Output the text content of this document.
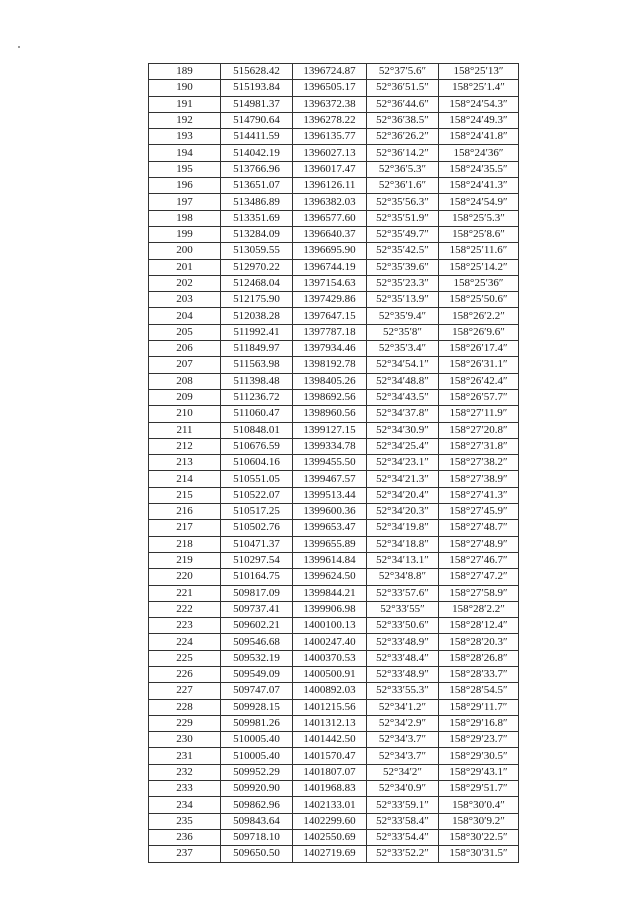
189	515628.42	1396724.87	52°37′5.6″	158°25′13″
190	515193.84	1396505.17	52°36′51.5″	158°25′1.4″
191	514981.37	1396372.38	52°36′44.6″	158°24′54.3″
192	514790.64	1396278.22	52°36′38.5″	158°24′49.3″
193	514411.59	1396135.77	52°36′26.2″	158°24′41.8″
194	514042.19	1396027.13	52°36′14.2″	158°24′36″
195	513766.96	1396017.47	52°36′5.3″	158°24′35.5″
196	513651.07	1396126.11	52°36′1.6″	158°24′41.3″
197	513486.89	1396382.03	52°35′56.3″	158°24′54.9″
198	513351.69	1396577.60	52°35′51.9″	158°25′5.3″
199	513284.09	1396640.37	52°35′49.7″	158°25′8.6″
200	513059.55	1396695.90	52°35′42.5″	158°25′11.6″
201	512970.22	1396744.19	52°35′39.6″	158°25′14.2″
202	512468.04	1397154.63	52°35′23.3″	158°25′36″
203	512175.90	1397429.86	52°35′13.9″	158°25′50.6″
204	512038.28	1397647.15	52°35′9.4″	158°26′2.2″
205	511992.41	1397787.18	52°35′8″	158°26′9.6″
206	511849.97	1397934.46	52°35′3.4″	158°26′17.4″
207	511563.98	1398192.78	52°34′54.1″	158°26′31.1″
208	511398.48	1398405.26	52°34′48.8″	158°26′42.4″
209	511236.72	1398692.56	52°34′43.5″	158°26′57.7″
210	511060.47	1398960.56	52°34′37.8″	158°27′11.9″
211	510848.01	1399127.15	52°34′30.9″	158°27′20.8″
212	510676.59	1399334.78	52°34′25.4″	158°27′31.8″
213	510604.16	1399455.50	52°34′23.1″	158°27′38.2″
214	510551.05	1399467.57	52°34′21.3″	158°27′38.9″
215	510522.07	1399513.44	52°34′20.4″	158°27′41.3″
216	510517.25	1399600.36	52°34′20.3″	158°27′45.9″
217	510502.76	1399653.47	52°34′19.8″	158°27′48.7″
218	510471.37	1399655.89	52°34′18.8″	158°27′48.9″
219	510297.54	1399614.84	52°34′13.1″	158°27′46.7″
220	510164.75	1399624.50	52°34′8.8″	158°27′47.2″
221	509817.09	1399844.21	52°33′57.6″	158°27′58.9″
222	509737.41	1399906.98	52°33′55″	158°28′2.2″
223	509602.21	1400100.13	52°33′50.6″	158°28′12.4″
224	509546.68	1400247.40	52°33′48.9″	158°28′20.3″
225	509532.19	1400370.53	52°33′48.4″	158°28′26.8″
226	509549.09	1400500.91	52°33′48.9″	158°28′33.7″
227	509747.07	1400892.03	52°33′55.3″	158°28′54.5″
228	509928.15	1401215.56	52°34′1.2″	158°29′11.7″
229	509981.26	1401312.13	52°34′2.9″	158°29′16.8″
230	510005.40	1401442.50	52°34′3.7″	158°29′23.7″
231	510005.40	1401570.47	52°34′3.7″	158°29′30.5″
232	509952.29	1401807.07	52°34′2″	158°29′43.1″
233	509920.90	1401968.83	52°34′0.9″	158°29′51.7″
234	509862.96	1402133.01	52°33′59.1″	158°30′0.4″
235	509843.64	1402299.60	52°33′58.4″	158°30′9.2″
236	509718.10	1402550.69	52°33′54.4″	158°30′22.5″
237	509650.50	1402719.69	52°33′52.2″	158°30′31.5″
